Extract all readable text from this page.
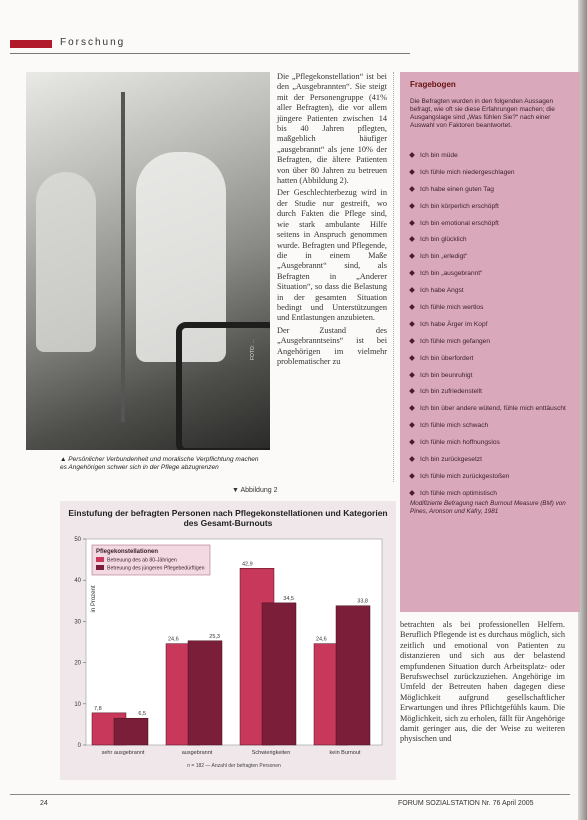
Forschung
FOTO: ...
▲ Persönlicher Verbundenheit und moralische Verpflichtung machen es Angehörigen schwer sich in der Pflege abzugrenzen

Die „Pflegekonstellation“ ist bei den „Ausgebrannten“. Sie steigt mit der Personengruppe (41% aller Befragten), die vor allem jüngere Patienten zwischen 14 bis 40 Jahren pflegten, maßgeblich häufiger „ausgebrannt“ als jene 10% der Befragten, die ältere Patienten von über 80 Jahren zu betreuen hatten (Abbildung 2).

Der Geschlechterbezug wird in der Studie nur gestreift, wo durch Fakten die Pflege sind, wie stark ambulante Hilfe seitens in Anspruch genommen wurde. Befragten und Pflegende, die in einem Maße „Ausgebrannt“ sind, als Befragten in „Anderer Situation“, so dass die Belastung in der gesamten Situation bedingt und Unterstützungen und Entlastungen anzubieten.

Der Zustand des „Ausgebranntseins“ ist bei Angehörigen im vielmehr problematischer zu

Fragebogen
Die Befragten wurden in den folgenden Aussagen befragt, wie oft sie diese Erfahrungen machen; die Ausgangslage sind „Was fühlen Sie?“ nach einer Auswahl von Faktoren beantwortet.
Ich bin müde
Ich fühle mich niedergeschlagen
Ich habe einen guten Tag
Ich bin körperlich erschöpft
Ich bin emotional erschöpft
Ich bin glücklich
Ich bin „erledigt“
Ich bin „ausgebrannt“
Ich habe Angst
Ich fühle mich wertlos
Ich habe Ärger im Kopf
Ich fühle mich gefangen
Ich bin überfordert
Ich bin beunruhigt
Ich bin zufriedenstellt
Ich bin über andere wütend, fühle mich enttäuscht
Ich fühle mich schwach
Ich fühle mich hoffnungslos
Ich bin zurückgesetzt
Ich fühle mich zurückgestoßen
Ich fühle mich optimistisch
Modifizierte Befragung nach Burnout Measure (BM) von Pines, Aronson und Kafry, 1981
▼ Abbildung 2
Einstufung der befragten Personen nach Pflegekonstellationen und Kategorien des Gesamt-Burnouts
0
10
20
30
40
50
in Prozent
7,8
6,5
sehr ausgebrannt
24,6	25,3
ausgebrannt
42,9
34,5
Schwierigkeiten
24,6
33,8
kein Burnout
Pflegekonstellationen
Betreuung des ab 80-Jährigen
Betreuung des jüngeren Pflegebedürftigen
n = 182 — Anzahl der befragten Personen
betrachten als bei professionellen Helfern. Beruflich Pflegende ist es durchaus möglich, sich zeitlich und emotional von Patienten zu distanzieren und sich aus der belastend empfundenen Situation durch Arbeitsplatz- oder Berufswechsel zurückzuziehen. Angehörige im Umfeld der Betreuten haben dagegen diese Möglichkeit aufgrund gesellschaftlicher Erwartungen und ihres Pflichtgefühls kaum. Die Möglichkeit, sich zu erholen, fällt für Angehörige damit geringer aus, die der Weise zu weiteren physischen und
24	FORUM SOZIALSTATION Nr. 76 April 2005
